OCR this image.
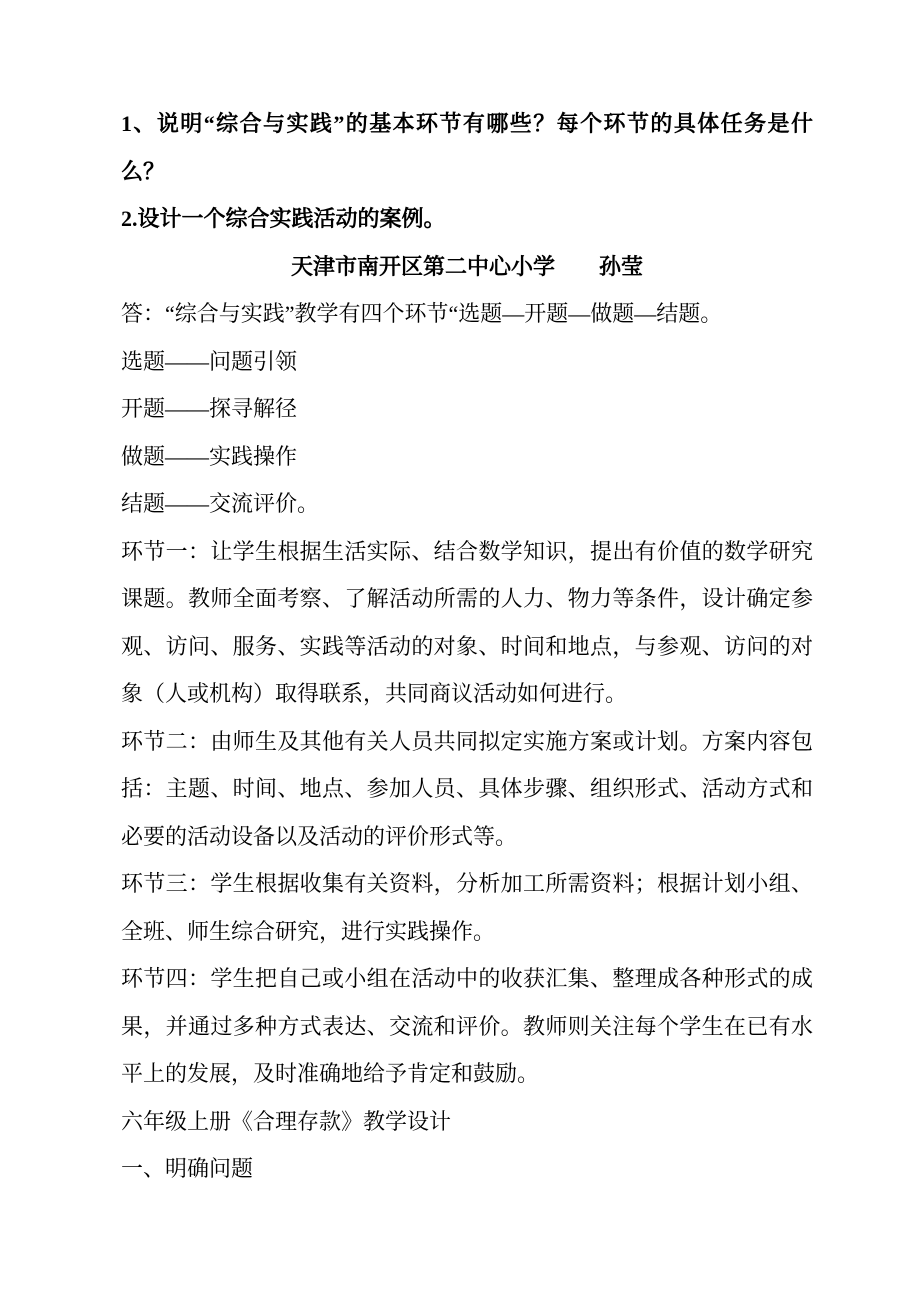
1、说明“综合与实践”的基本环节有哪些？每个环节的具体任务是什么？

2.设计一个综合实践活动的案例。

天津市南开区第二中心小学　　孙莹

答：“综合与实践”教学有四个环节“选题—开题—做题—结题。

选题——问题引领

开题——探寻解径

做题——实践操作

结题——交流评价。

环节一：让学生根据生活实际、结合数学知识，提出有价值的数学研究课题。教师全面考察、了解活动所需的人力、物力等条件，设计确定参观、访问、服务、实践等活动的对象、时间和地点，与参观、访问的对象（人或机构）取得联系，共同商议活动如何进行。

环节二：由师生及其他有关人员共同拟定实施方案或计划。方案内容包括：主题、时间、地点、参加人员、具体步骤、组织形式、活动方式和必要的活动设备以及活动的评价形式等。

环节三：学生根据收集有关资料，分析加工所需资料；根据计划小组、全班、师生综合研究，进行实践操作。

环节四：学生把自己或小组在活动中的收获汇集、整理成各种形式的成果，并通过多种方式表达、交流和评价。教师则关注每个学生在已有水平上的发展，及时准确地给予肯定和鼓励。

六年级上册《合理存款》教学设计

一、明确问题
